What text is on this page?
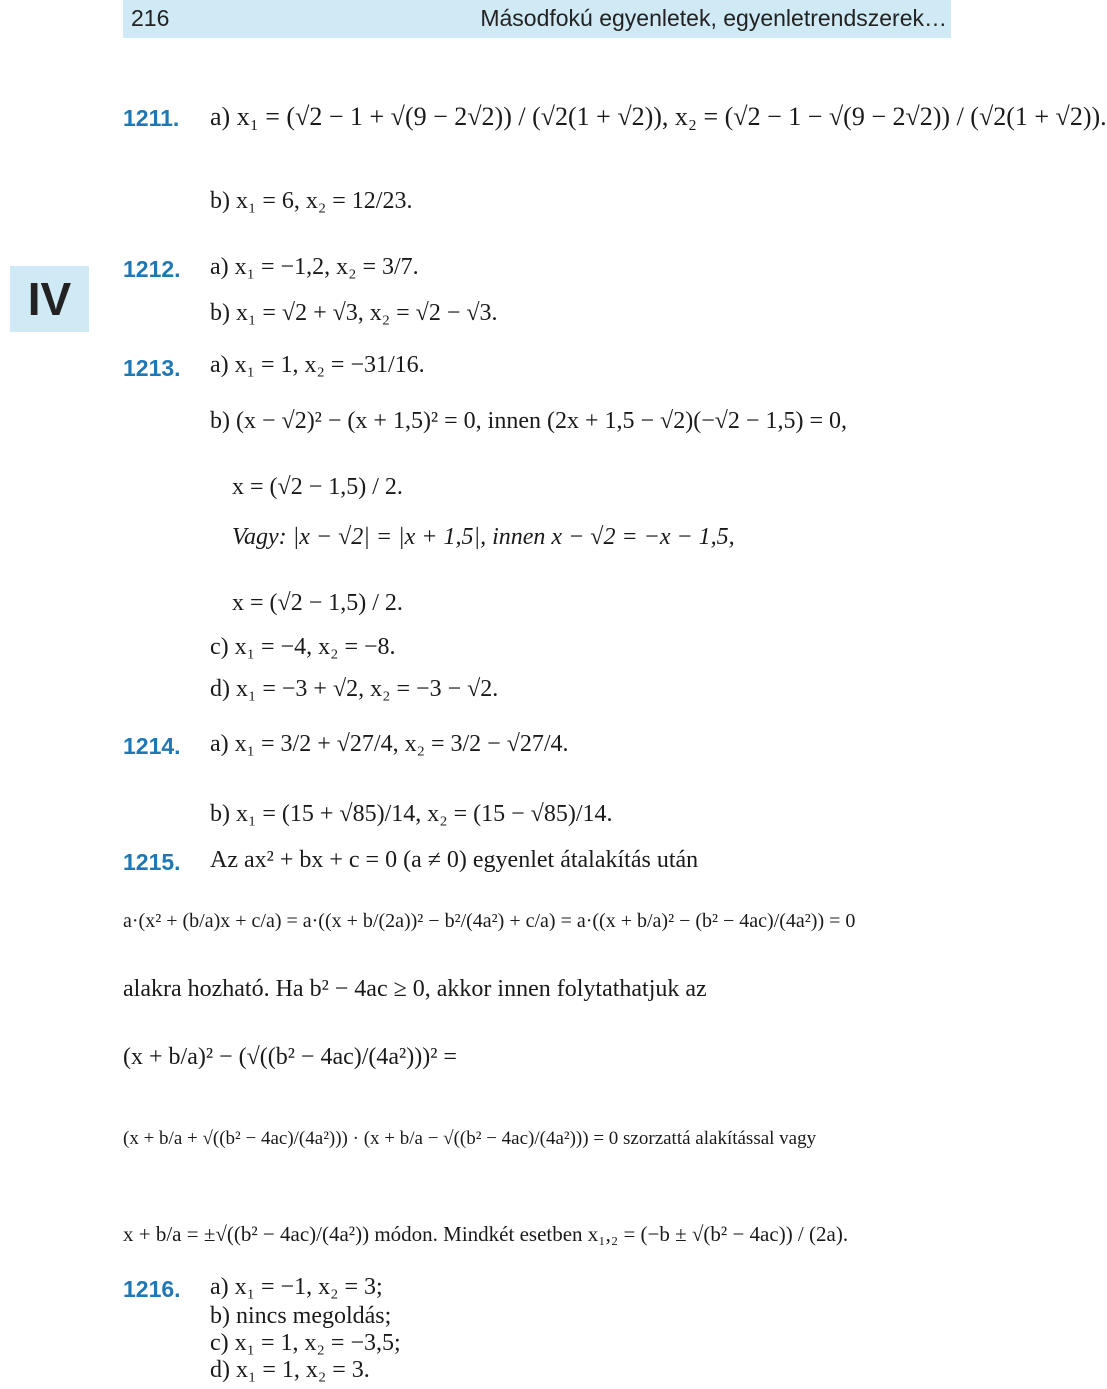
216	Másodfokú egyenletek, egyenletrendszerek…
IV
1211. a) x₁ = (√2 − 1 + √(9 − 2√2)) / (√2(1 + √2)), x₂ = (√2 − 1 − √(9 − 2√2)) / (√2(1 + √2)).
b) x₁ = 6, x₂ = 12/23.
1212. a) x₁ = −1,2, x₂ = 3/7.
b) x₁ = √2 + √3, x₂ = √2 − √3.
1213. a) x₁ = 1, x₂ = −31/16.
b) (x − √2)² − (x + 1,5)² = 0, innen (2x + 1,5 − √2)(−√2 − 1,5) = 0,
x = (√2 − 1,5) / 2.
Vagy: |x − √2| = |x + 1,5|, innen x − √2 = −x − 1,5,
x = (√2 − 1,5) / 2.
c) x₁ = −4, x₂ = −8.
d) x₁ = −3 + √2, x₂ = −3 − √2.
1214. a) x₁ = 3/2 + √27/4, x₂ = 3/2 − √27/4.
b) x₁ = (15 + √85)/14, x₂ = (15 − √85)/14.
1215. Az ax² + bx + c = 0 (a ≠ 0) egyenlet átalakítás után
a·(x² + (b/a)x + c/a) = a·((x + b/(2a))² − b²/(4a²) + c/a) = a·((x + b/a)² − (b² − 4ac)/(4a²)) = 0
alakra hozható. Ha b² − 4ac ≥ 0, akkor innen folytathatjuk az
(x + b/a)² − (√((b² − 4ac)/(4a²)))² =
(x + b/a + √((b² − 4ac)/(4a²))) · (x + b/a − √((b² − 4ac)/(4a²))) = 0 szorzattá alakítással vagy
x + b/a = ±√((b² − 4ac)/(4a²)) módon. Mindkét esetben x₁,₂ = (−b ± √(b² − 4ac)) / (2a).
1216. a) x₁ = −1, x₂ = 3;
b) nincs megoldás;
c) x₁ = 1, x₂ = −3,5;
d) x₁ = 1, x₂ = 3.
